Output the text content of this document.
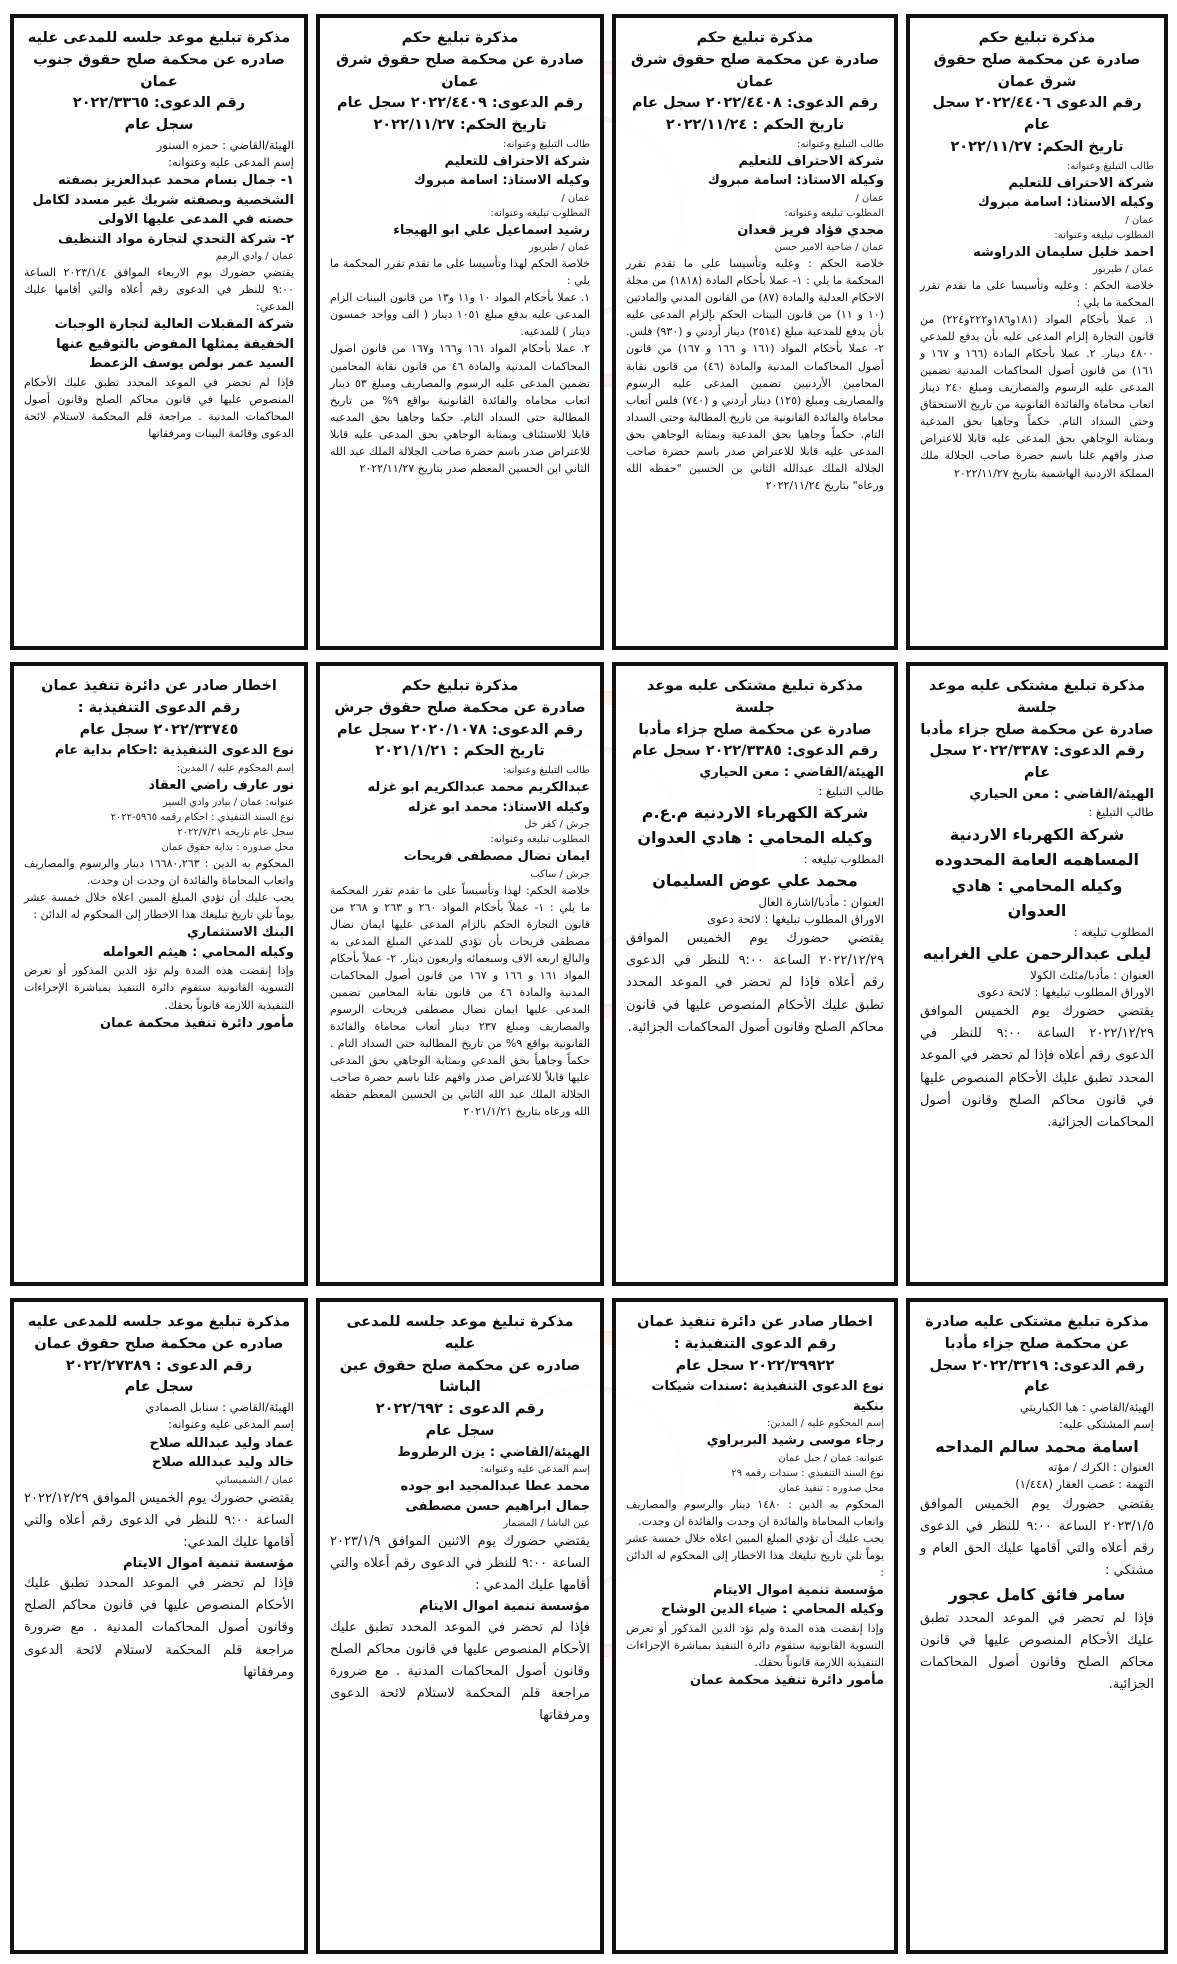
مذكرة تبليغ حكم
صادرة عن محكمة صلح حقوق شرق عمان
رقم الدعوى ٢٠٢٢/٤٤٠٦ سجل عام
تاريخ الحكم: ٢٠٢٢/١١/٢٧
طالب التبليغ وعنوانه:
شركة الاحتراف للتعليم
وكيله الاستاذ: اسامة مبروك
عمان /
المطلوب تبليغه وعنوانه:
احمد خليل سليمان الدراوشه
عمان / طبربور
خلاصة الحكم : وعليه وتأسيسا على ما تقدم تقرر المحكمة ما يلي :
١. عملا بأحكام المواد (١٨١و١٨٦و٢٢٢و٢٢٤) من قانون التجارة إلزام المدعى عليه بأن يدفع للمدعي ٤٨٠٠ دينار. ٢. عملا بأحكام المادة (١٦٦ و ١٦٧ و ١٦١) من قانون أصول المحاكمات المدنية تضمين المدعى عليه الرسوم والمصاريف ومبلغ ٢٤٠ دينار اتعاب محاماة والفائدة القانونية من تاريخ الاستحقاق وحتى السداد التام. حكماً وجاهيا بحق المدعية وبمثابة الوجاهي بحق المدعى عليه قابلا للاعتراض صدر وافهم علنا باسم حضرة صاحب الجلالة ملك المملكة الاردنية الهاشمية بتاريخ ٢٠٢٢/١١/٢٧
مذكرة تبليغ مشتكى عليه موعد جلسة
صادرة عن محكمة صلح جزاء مأدبا
رقم الدعوى: ٢٠٢٢/٣٣٨٧ سجل عام
الهيئة/القاضي : معن الحياري
طالب التبليغ :
شركة الكهرباء الاردنية المساهمه العامة المحدوده
وكيله المحامي : هادي العدوان
المطلوب تبليغه :
ليلى عبدالرحمن علي الغرابيه
العنوان : مأدبا/مثلث الكولا
الاوراق المطلوب تبليغها : لائحة دعوى
يقتضي حضورك يوم الخميس الموافق ٢٠٢٢/١٢/٢٩ الساعة ٩:٠٠ للنظر في الدعوى رقم أعلاه فإذا لم تحضر في الموعد المحدد تطبق عليك الأحكام المنصوص عليها في قانون محاكم الصلح وقانون أصول المحاكمات الجزائية.
مذكرة تبليغ مشتكى عليه صادرة عن محكمة صلح جزاء مأدبا
رقم الدعوى: ٢٠٢٢/٣٢١٩ سجل عام
الهيئة/القاضي : هيا الكباريتي
إسم المشتكى عليه:
اسامة محمد سالم المداحه
العنوان : الكرك / مؤته
التهمة : غصب العقار (١/٤٤٨)
يقتضي حضورك يوم الخميس الموافق ٢٠٢٣/١/٥ الساعة ٩:٠٠ للنظر في الدعوى رقم أعلاه والتي أقامها عليك الحق العام و مشتكي :
سامر فائق كامل عجور
فإذا لم تحضر في الموعد المحدد تطبق عليك الأحكام المنصوص عليها في قانون محاكم الصلح وقانون أصول المحاكمات الجزائية.
مذكرة تبليغ حكم
صادرة عن محكمة صلح حقوق شرق عمان
رقم الدعوى: ٢٠٢٢/٤٤٠٨ سجل عام
تاريخ الحكم : ٢٠٢٢/١١/٢٤
طالب التبليغ وعنوانه:
شركة الاحتراف للتعليم
وكيله الاستاذ: اسامة مبروك
عمان /
المطلوب تبليغه وعنوانه:
مجدي فؤاد فريز قعدان
عمان / ضاحية الامير حسن
خلاصة الحكم : وعليه وتأسيسا على ما تقدم تقرر المحكمة ما يلي : ١- عملا بأحكام المادة (١٨١٨) من مجلة الاحكام العدلية والمادة (٨٧) من القانون المدني والمادتين (١٠ و ١١) من قانون البينات الحكم بإلزام المدعى عليه بأن يدفع للمدعية مبلغ (٢٥١٤) دينار أردني و (٩٣٠) فلس. ٢- عملا بأحكام المواد (١٦١ و ١٦٦ و ١٦٧) من قانون أصول المحاكمات المدنية والمادة (٤٦) من قانون نقابة المحامين الأردنيين تضمين المدعى عليه الرسوم والمصاريف ومبلغ (١٢٥) دينار أردني و (٧٤٠) فلس أتعاب محاماة والفائدة القانونية من تاريخ المطالبة وحتى السداد التام. حكماً وجاهيا بحق المدعية وبمثابة الوجاهي بحق المدعى عليه قابلا للاعتراض صدر باسم حضرة صاحب الجلالة الملك عبدالله الثاني بن الحسين "حفظه الله ورعاه" بتاريخ ٢٠٢٢/١١/٢٤
مذكرة تبليغ مشتكى عليه موعد جلسة
صادرة عن محكمة صلح جزاء مأدبا
رقم الدعوى: ٢٠٢٢/٣٣٨٥ سجل عام
الهيئة/القاضي : معن الحياري
طالب التبليغ :
شركة الكهرباء الاردنية م.ع.م
وكيله المحامي : هادي العدوان
المطلوب تبليغه :
محمد علي عوض السليمان
العنوان : مأدبا/اشارة العال
الاوراق المطلوب تبليغها : لائحة دعوى
يقتضي حضورك يوم الخميس الموافق ٢٠٢٢/١٢/٢٩ الساعة ٩:٠٠ للنظر في الدعوى رقم أعلاه فإذا لم تحضر في الموعد المحدد تطبق عليك الأحكام المنصوص عليها في قانون محاكم الصلح وقانون أصول المحاكمات الجزائية.
اخطار صادر عن دائرة تنفيذ عمان
رقم الدعوى التنفيذية :
٢٠٢٢/٣٩٩٢٢ سجل عام
نوع الدعوى التنفيذية :سندات شيكات بنكية
إسم المحكوم عليه / المدين:
رجاء موسى رشيد البربراوي
عنوانه: عمان / جبل عمان
نوع السند التنفيذي : سندات رقمه ٢٩
محل صدوره : تنفيذ عمان
المحكوم به الدين : ١٤٨٠ دينار والرسوم والمصاريف واتعاب المحاماة والفائدة ان وجدت والفائدة ان وجدت.
يجب عليك أن تؤدي المبلغ المبين اعلاه خلال خمسة عشر يوماً تلي تاريخ تبليغك هذا الاخطار إلى المحكوم له الدائن :
مؤسسة تنمية اموال الايتام
وكيله المحامي : ضياء الدين الوشاح
وإذا إنقضت هذه المدة ولم تؤد الدين المذكور أو تعرض التسوية القانونية ستقوم دائرة التنفيذ بمباشرة الإجراءات التنفيذية اللازمة قانوناً بحقك.
مأمور دائرة تنفيذ محكمة عمان
مذكرة تبليغ حكم
صادرة عن محكمة صلح حقوق شرق عمان
رقم الدعوى: ٢٠٢٢/٤٤٠٩ سجل عام
تاريخ الحكم: ٢٠٢٢/١١/٢٧
طالب التبليغ وعنوانه:
شركة الاحتراف للتعليم
وكيله الاستاذ: اسامة مبروك
عمان /
المطلوب تبليغه وعنوانه:
رشيد اسماعيل علي ابو الهيجاء
عمان / طبربور
خلاصة الحكم لهذا وتأسيسا على ما تقدم تقرر المحكمة ما يلي :
١. عملا بأحكام المواد ١٠ و١١ و١٣ من قانون البينات الزام المدعى عليه بدفع مبلغ ١٠٥١ دينار ( الف وواحد خمسون دينار ) للمدعيه.
٢. عملا بأحكام المواد ١٦١ و١٦٦ و١٦٧ من قانون اصول المحاكمات المدنية والمادة ٤٦ من قانون نقابة المحامين تضمين المدعى عليه الرسوم والمصاريف ومبلغ ٥٣ دينار اتعاب محاماه والفائدة القانونية بواقع ٩% من تاريخ المطالبة حتى السداد التام. حكما وجاهيا بحق المدعيه قابلا للاستئناف وبمثابة الوجاهي بحق المدعى عليه قابلا للاعتراض صدر باسم حضرة صاحب الجلالة الملك عبد الله الثاني ابن الحسين المعظم صدر بتاريخ ٢٠٢٢/١١/٢٧
مذكرة تبليغ حكم
صادرة عن محكمة صلح حقوق جرش
رقم الدعوى: ٢٠٢٠/١٠٧٨ سجل عام
تاريخ الحكم : ٢٠٢١/١/٢١
طالب التبليغ وعنوانه:
عبدالكريم محمد عبدالكريم ابو غزله
وكيله الاستاذ: محمد ابو غزله
جرش / كفر خل
المطلوب تبليغه وعنوانه:
ايمان نضال مصطفى فريحات
جرش / ساكب
خلاصة الحكم: لهذا وتأسيساً على ما تقدم تقرر المحكمة ما يلي : ١- عملاً بأحكام المواد ٢٦٠ و ٢٦٣ و ٢٦٨ من قانون التجارة الحكم بالزام المدعى عليها ايمان نضال مصطفى فريحات بأن تؤدي للمدعي المبلغ المدعى به والبالغ اربعه الاف وسبعمائه واربعون دينار. ٢- عملاً بأحكام المواد ١٦١ و ١٦٦ و ١٦٧ من قانون أصول المحاكمات المدنية والمادة ٤٦ من قانون نقابة المحامين تضمين المدعى عليها ايمان نضال مصطفى فريحات الرسوم والمصاريف ومبلغ ٢٣٧ دينار أتعاب محاماة والفائدة القانونية بواقع ٩% من تاريخ المطالبة حتى السداد التام . حكماً وجاهياً بحق المدعي وبمثابة الوجاهي بحق المدعى عليها قابلاً للاعتراض صدر وافهم علنا باسم حضرة صاحب الجلالة الملك عبد الله الثاني بن الحسين المعظم حفظه الله ورعاه بتاريخ ٢٠٢١/١/٢١
مذكرة تبليغ موعد جلسه للمدعى عليه
صادره عن محكمة صلح حقوق عين الباشا
رقم الدعوى : ٢٠٢٢/٦٩٢
سجل عام
الهيئة/القاضي : يزن الرطروط
إسم المدعى عليه وعنوانه:
محمد عطا عبدالمجيد ابو جوده
جمال ابراهيم حسن مصطفى
عين الباشا / المضمار
يقتضي حضورك يوم الاثنين الموافق ٢٠٢٣/١/٩ الساعة ٩:٠٠ للنظر في الدعوى رقم أعلاه والتي أقامها عليك المدعي :
مؤسسة تنمية اموال الايتام
فإذا لم تحضر في الموعد المحدد تطبق عليك الأحكام المنصوص عليها في قانون محاكم الصلح وقانون أصول المحاكمات المدنية . مع ضرورة مراجعة قلم المحكمة لاستلام لائحة الدعوى ومرفقاتها
مذكرة تبليغ موعد جلسه للمدعى عليه صادره عن محكمة صلح حقوق جنوب عمان
رقم الدعوى: ٢٠٢٢/٣٣٦٥
سجل عام
الهيئة/القاضي : حمزه السنور
إسم المدعى عليه وعنوانه:
١- جمال بسام محمد عبدالعزيز بصفته الشخصية وبصفته شريك غير مسدد لكامل حصته في المدعى عليها الاولى
٢- شركة التحدي لتجارة مواد التنظيف
عمان / وادي الرمم
يقتضي حضورك يوم الاربعاء الموافق ٢٠٢٣/١/٤ الساعة ٩:٠٠ للنظر في الدعوى رقم أعلاه والتي أقامها عليك المدعي:
شركة المقبلات العالية لتجارة الوجبات الخفيفة يمثلها المفوض بالتوقيع عنها السيد عمر بولص يوسف الزعمط
فإذا لم تحضر في الموعد المحدد تطبق عليك الأحكام المنصوص عليها في قانون محاكم الصلح وقانون أصول المحاكمات المدنية . مراجعة قلم المحكمة لاستلام لائحة الدعوى وقائمة البينات ومرفقاتها
اخطار صادر عن دائرة تنفيذ عمان
رقم الدعوى التنفيذية :
٢٠٢٢/٣٣٧٤٥ سجل عام
نوع الدعوى التنفيذية :احكام بداية عام
إسم المحكوم عليه / المدين:
نور عارف راضي العقاد
عنوانه: عمان / بيادر وادي السير
نوع السند التنفيذي : احكام رقمه ٥٩٦٥-٢٠٢٢
سجل عام تاريخه ٢٠٢٢/٧/٣١
محل صدوره : بداية حقوق عمان
المحكوم به الدين : ١٦٦٨٠,٢٦٣ دينار والرسوم والمصاريف واتعاب المحاماة والفائدة ان وجدت ان وجدت.
يجب عليك أن تؤدي المبلغ المبين اعلاه خلال خمسة عشر يوماً تلي تاريخ تبليغك هذا الاخطار إلى المحكوم له الدائن :
البنك الاستثماري
وكيله المحامي : هيثم العوامله
وإذا إنقضت هذه المدة ولم تؤد الدين المذكور أو تعرض التسوية القانونية ستقوم دائرة التنفيذ بمباشرة الإجراءات التنفيذية اللازمة قانوناً بحقك.
مأمور دائرة تنفيذ محكمة عمان
مذكرة تبليغ موعد جلسه للمدعى عليه
صادره عن محكمة صلح حقوق عمان
رقم الدعوى : ٢٠٢٢/٢٧٣٨٩
سجل عام
الهيئة/القاضي : سنابل الصمادي
إسم المدعى عليه وعنوانه:
عماد وليد عبدالله صلاح
خالد وليد عبدالله صلاح
عمان / الشميساني
يقتضي حضورك يوم الخميس الموافق ٢٠٢٢/١٢/٢٩ الساعة ٩:٠٠ للنظر في الدعوى رقم أعلاه والتي أقامها عليك المدعي:
مؤسسة تنمية اموال الايتام
فإذا لم تحضر في الموعد المحدد تطبق عليك الأحكام المنصوص عليها في قانون محاكم الصلح وقانون أصول المحاكمات المدنية . مع ضرورة مراجعة قلم المحكمة لاستلام لائحة الدعوى ومرفقاتها
